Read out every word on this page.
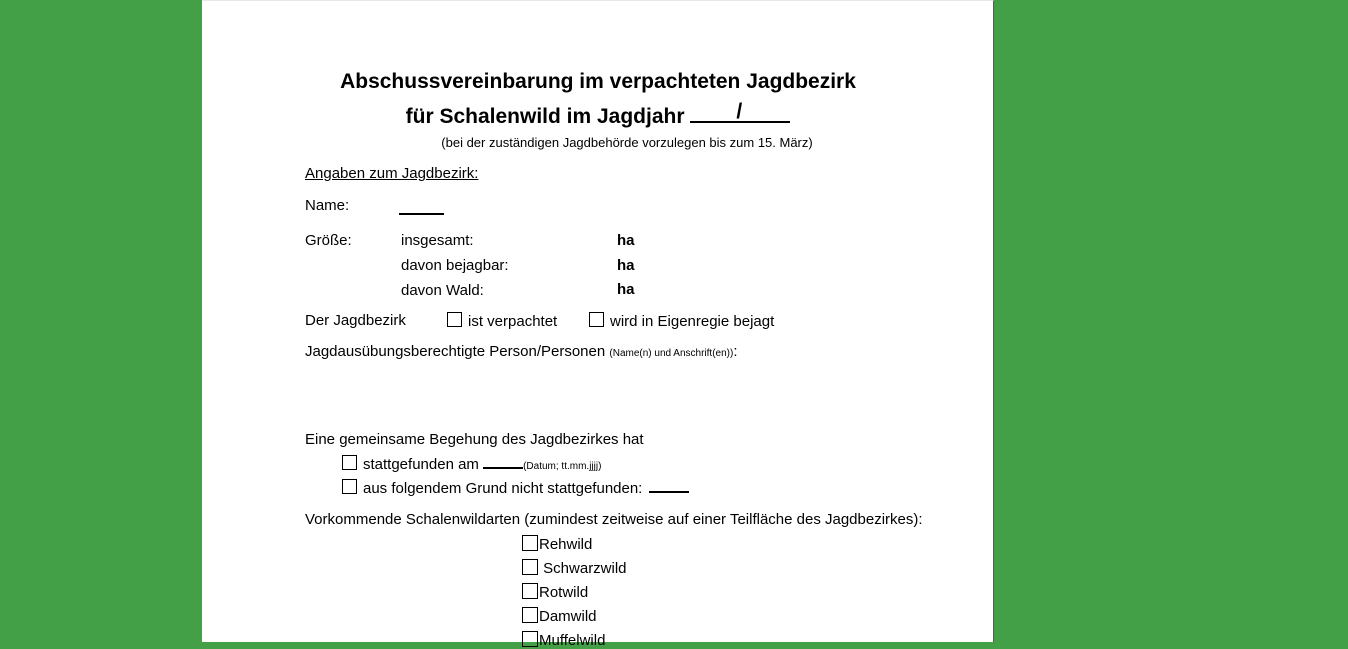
Abschussvereinbarung im verpachteten Jagdbezirk
für Schalenwild im Jagdjahr /
(bei der zuständigen Jagdbehörde vorzulegen bis zum 15. März)
Angaben zum Jagdbezirk:
Name:
Größe:	insgesamt:	ha
davon bejagbar:	ha
davon Wald:	ha
Der Jagdbezirk	ist verpachtet	wird in Eigenregie bejagt
Jagdausübungsberechtigte Person/Personen (Name(n) und Anschrift(en)):
Eine gemeinsame Begehung des Jagdbezirkes hat
stattgefunden am	(Datum; tt.mm.jjjj)
aus folgendem Grund nicht stattgefunden:
Vorkommende Schalenwildarten (zumindest zeitweise auf einer Teilfläche des Jagdbezirkes):
Rehwild
Schwarzwild
Rotwild
Damwild
Muffelwild
